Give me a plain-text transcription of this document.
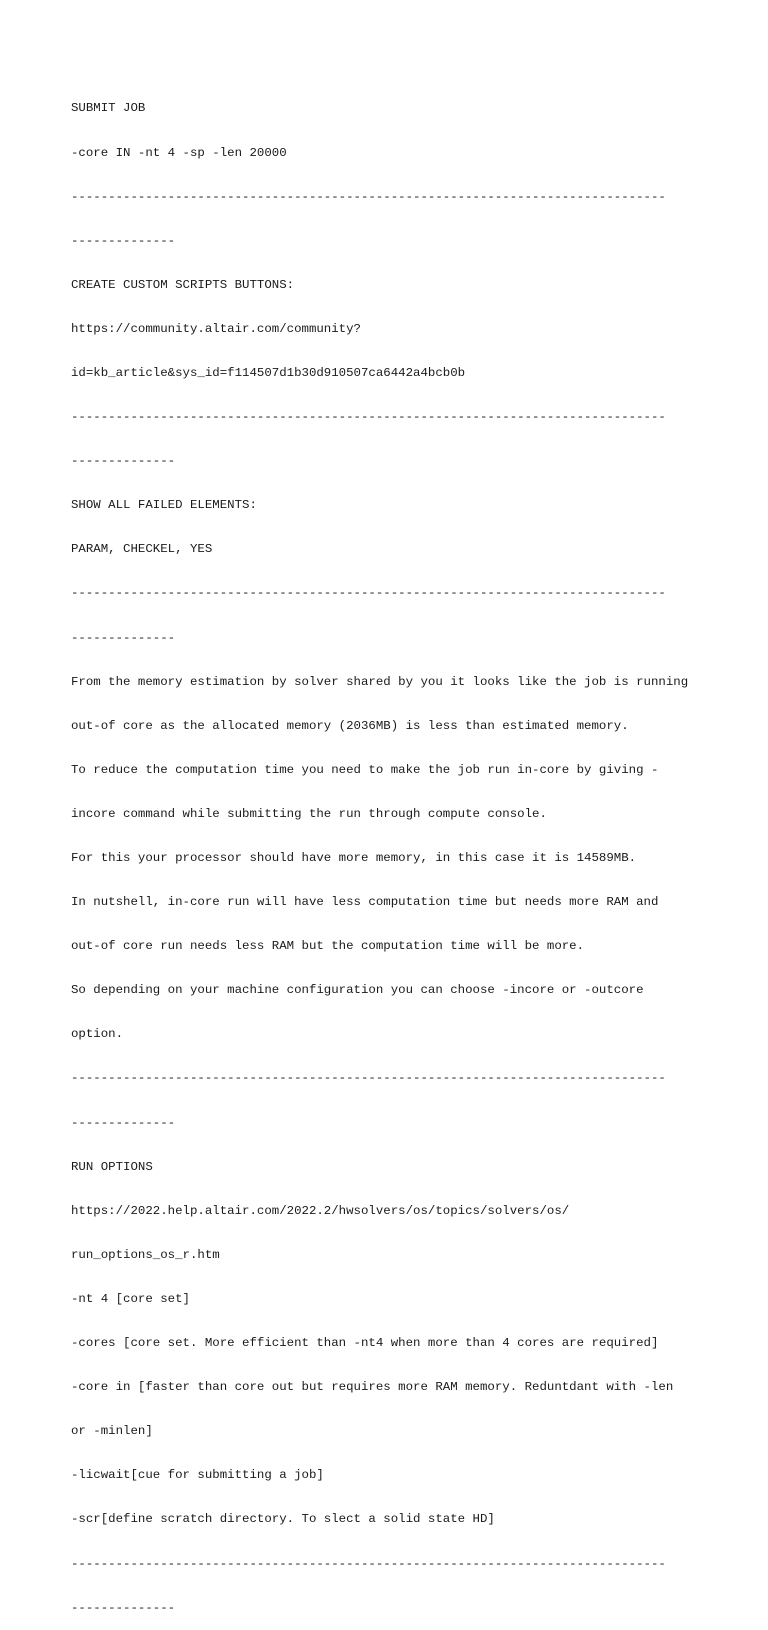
SUBMIT JOB

-core IN -nt 4 -sp -len 20000

--------------------------------------------------------------------------------

--------------

CREATE CUSTOM SCRIPTS BUTTONS:

https://community.altair.com/community?

id=kb_article&sys_id=f114507d1b30d910507ca6442a4bcb0b

--------------------------------------------------------------------------------

--------------

SHOW ALL FAILED ELEMENTS:

PARAM, CHECKEL, YES

--------------------------------------------------------------------------------

--------------

From the memory estimation by solver shared by you it looks like the job is running

out-of core as the allocated memory (2036MB) is less than estimated memory.

To reduce the computation time you need to make the job run in-core by giving -

incore command while submitting the run through compute console.

For this your processor should have more memory, in this case it is 14589MB.

In nutshell, in-core run will have less computation time but needs more RAM and

out-of core run needs less RAM but the computation time will be more.

So depending on your machine configuration you can choose -incore or -outcore

option.

--------------------------------------------------------------------------------

--------------

RUN OPTIONS

https://2022.help.altair.com/2022.2/hwsolvers/os/topics/solvers/os/

run_options_os_r.htm

-nt 4 [core set]

-cores [core set. More efficient than -nt4 when more than 4 cores are required]

-core in [faster than core out but requires more RAM memory. Reduntdant with -len

or -minlen]

-licwait[cue for submitting a job]

-scr[define scratch directory. To slect a solid state HD]

--------------------------------------------------------------------------------

--------------
